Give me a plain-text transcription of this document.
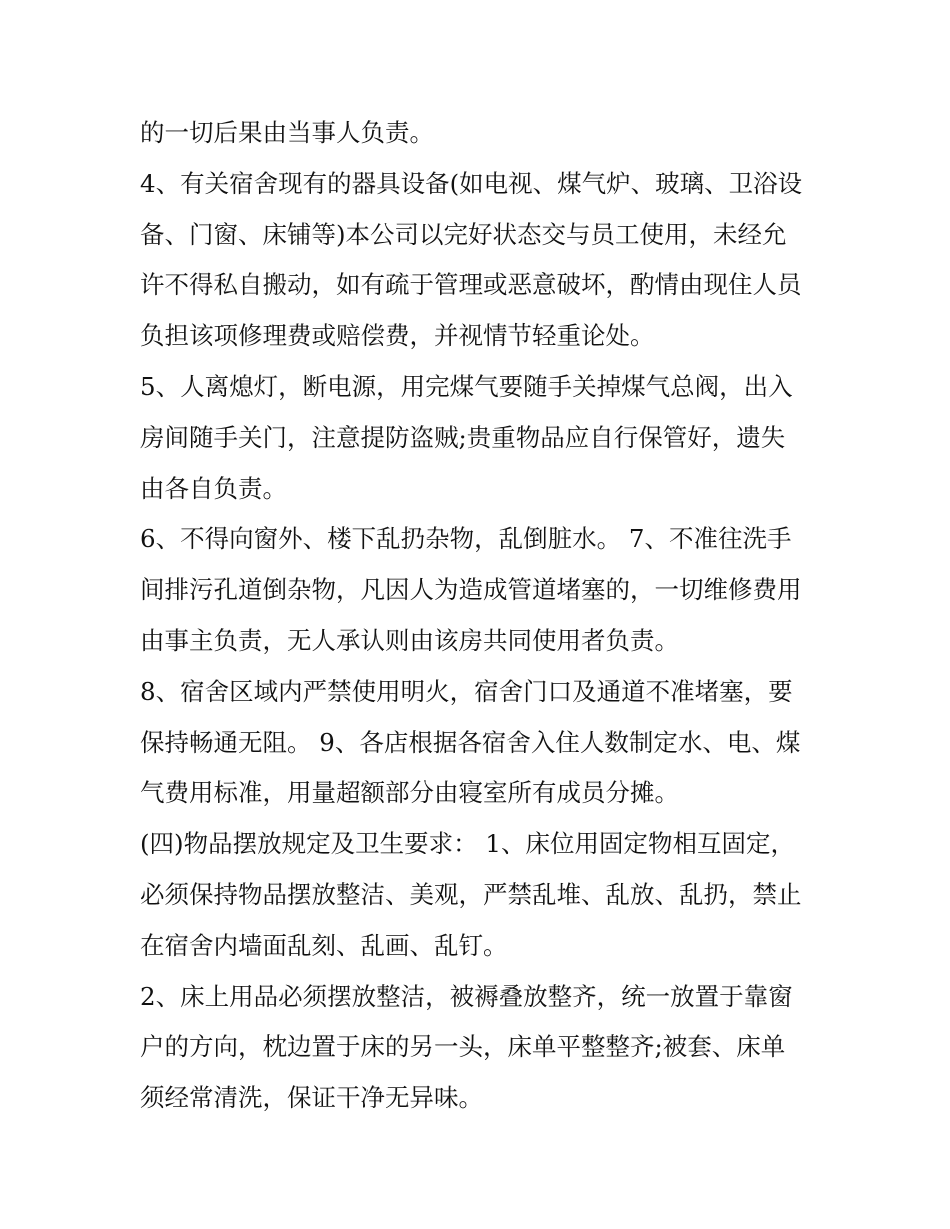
的一切后果由当事人负责。
4、有关宿舍现有的器具设备(如电视、煤气炉、玻璃、卫浴设
备、门窗、床铺等)本公司以完好状态交与员工使用，未经允
许不得私自搬动，如有疏于管理或恶意破坏，酌情由现住人员
负担该项修理费或赔偿费，并视情节轻重论处。
5、人离熄灯，断电源，用完煤气要随手关掉煤气总阀，出入
房间随手关门，注意提防盗贼;贵重物品应自行保管好，遗失
由各自负责。
6、不得向窗外、楼下乱扔杂物，乱倒脏水。 7、不准往洗手
间排污孔道倒杂物，凡因人为造成管道堵塞的，一切维修费用
由事主负责，无人承认则由该房共同使用者负责。
8、宿舍区域内严禁使用明火，宿舍门口及通道不准堵塞，要
保持畅通无阻。 9、各店根据各宿舍入住人数制定水、电、煤
气费用标准，用量超额部分由寝室所有成员分摊。
(四)物品摆放规定及卫生要求： 1、床位用固定物相互固定，
必须保持物品摆放整洁、美观，严禁乱堆、乱放、乱扔，禁止
在宿舍内墙面乱刻、乱画、乱钉。
2、床上用品必须摆放整洁，被褥叠放整齐，统一放置于靠窗
户的方向，枕边置于床的另一头，床单平整整齐;被套、床单
须经常清洗，保证干净无异味。
